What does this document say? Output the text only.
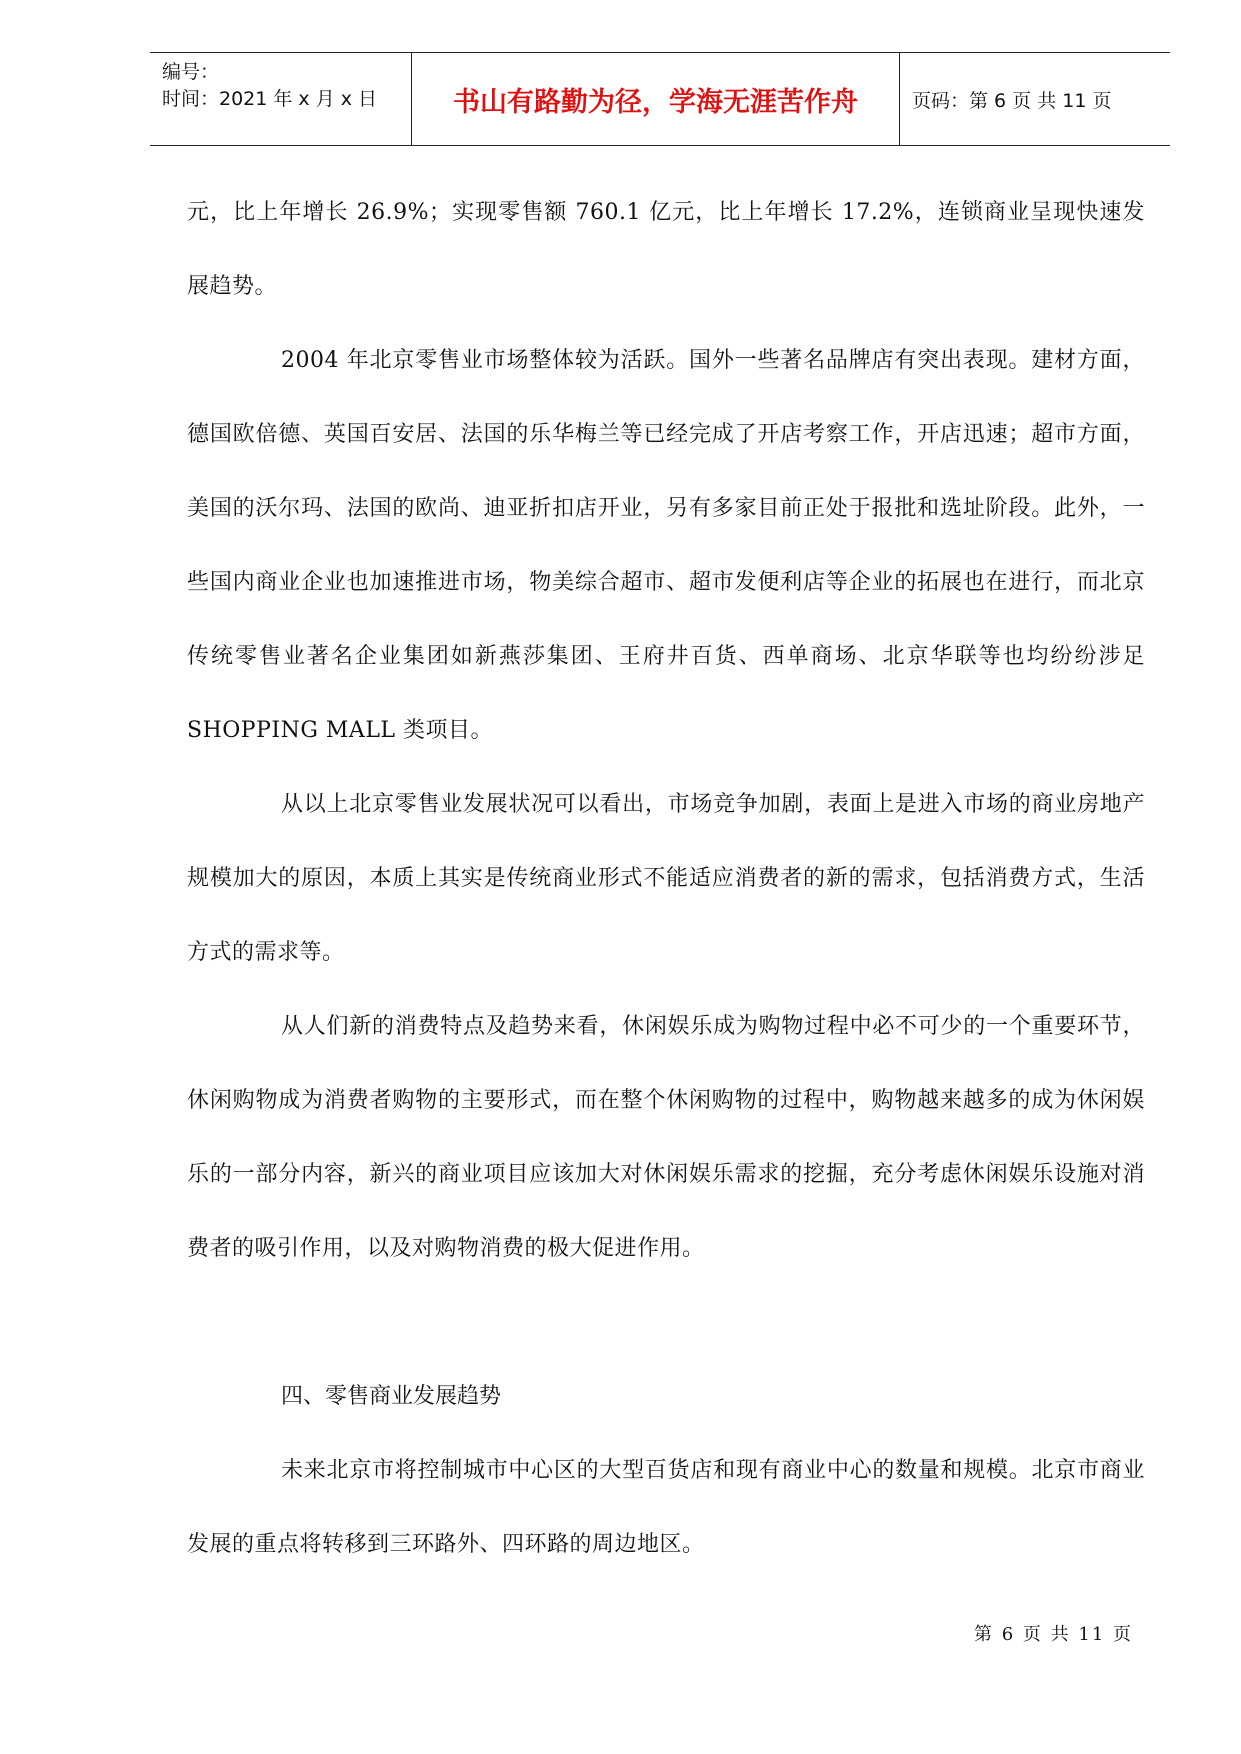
编号：
时间：2021 年 x 月 x 日	书山有路勤为径，学海无涯苦作舟	页码：第 6 页 共 11 页

元，比上年增长 26.9%；实现零售额 760.1 亿元，比上年增长 17.2%，连锁商业呈现快速发展趋势。

2004 年北京零售业市场整体较为活跃。国外一些著名品牌店有突出表现。建材方面，德国欧倍德、英国百安居、法国的乐华梅兰等已经完成了开店考察工作，开店迅速；超市方面，美国的沃尔玛、法国的欧尚、迪亚折扣店开业，另有多家目前正处于报批和选址阶段。此外，一些国内商业企业也加速推进市场，物美综合超市、超市发便利店等企业的拓展也在进行，而北京传统零售业著名企业集团如新燕莎集团、王府井百货、西单商场、北京华联等也均纷纷涉足 SHOPPING MALL 类项目。

从以上北京零售业发展状况可以看出，市场竞争加剧，表面上是进入市场的商业房地产规模加大的原因，本质上其实是传统商业形式不能适应消费者的新的需求，包括消费方式，生活方式的需求等。

从人们新的消费特点及趋势来看，休闲娱乐成为购物过程中必不可少的一个重要环节，休闲购物成为消费者购物的主要形式，而在整个休闲购物的过程中，购物越来越多的成为休闲娱乐的一部分内容，新兴的商业项目应该加大对休闲娱乐需求的挖掘，充分考虑休闲娱乐设施对消费者的吸引作用，以及对购物消费的极大促进作用。

四、零售商业发展趋势

未来北京市将控制城市中心区的大型百货店和现有商业中心的数量和规模。北京市商业发展的重点将转移到三环路外、四环路的周边地区。

第 6 页 共 11 页
